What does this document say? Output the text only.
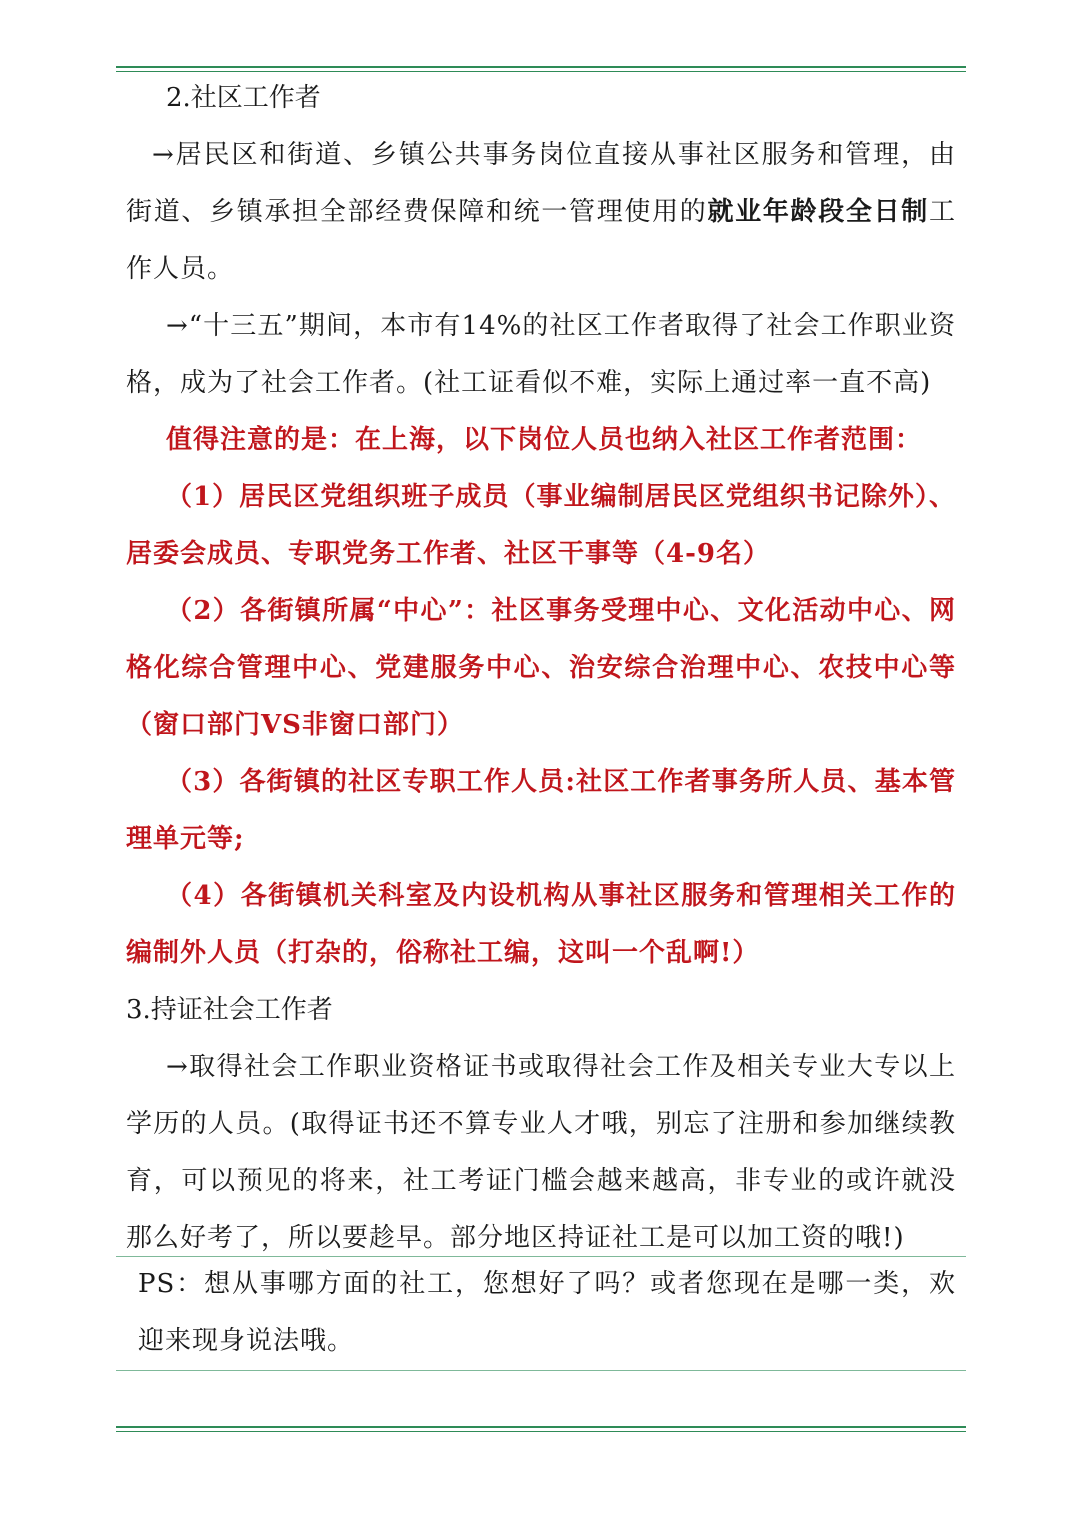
2.社区工作者

→居民区和街道、乡镇公共事务岗位直接从事社区服务和管理，由街道、乡镇承担全部经费保障和统一管理使用的就业年龄段全日制工作人员。

→“十三五”期间，本市有14%的社区工作者取得了社会工作职业资格，成为了社会工作者。(社工证看似不难，实际上通过率一直不高)

值得注意的是：在上海，以下岗位人员也纳入社区工作者范围：

（1）居民区党组织班子成员（事业编制居民区党组织书记除外）、居委会成员、专职党务工作者、社区干事等（4-9名）

（2）各街镇所属“中心”：社区事务受理中心、文化活动中心、网格化综合管理中心、党建服务中心、治安综合治理中心、农技中心等（窗口部门VS非窗口部门）

（3）各街镇的社区专职工作人员:社区工作者事务所人员、基本管理单元等;

（4）各街镇机关科室及内设机构从事社区服务和管理相关工作的编制外人员（打杂的，俗称社工编，这叫一个乱啊!）

3.持证社会工作者

→取得社会工作职业资格证书或取得社会工作及相关专业大专以上学历的人员。(取得证书还不算专业人才哦，别忘了注册和参加继续教育，可以预见的将来，社工考证门槛会越来越高，非专业的或许就没那么好考了，所以要趁早。部分地区持证社工是可以加工资的哦!)

PS：想从事哪方面的社工，您想好了吗？或者您现在是哪一类，欢迎来现身说法哦。
